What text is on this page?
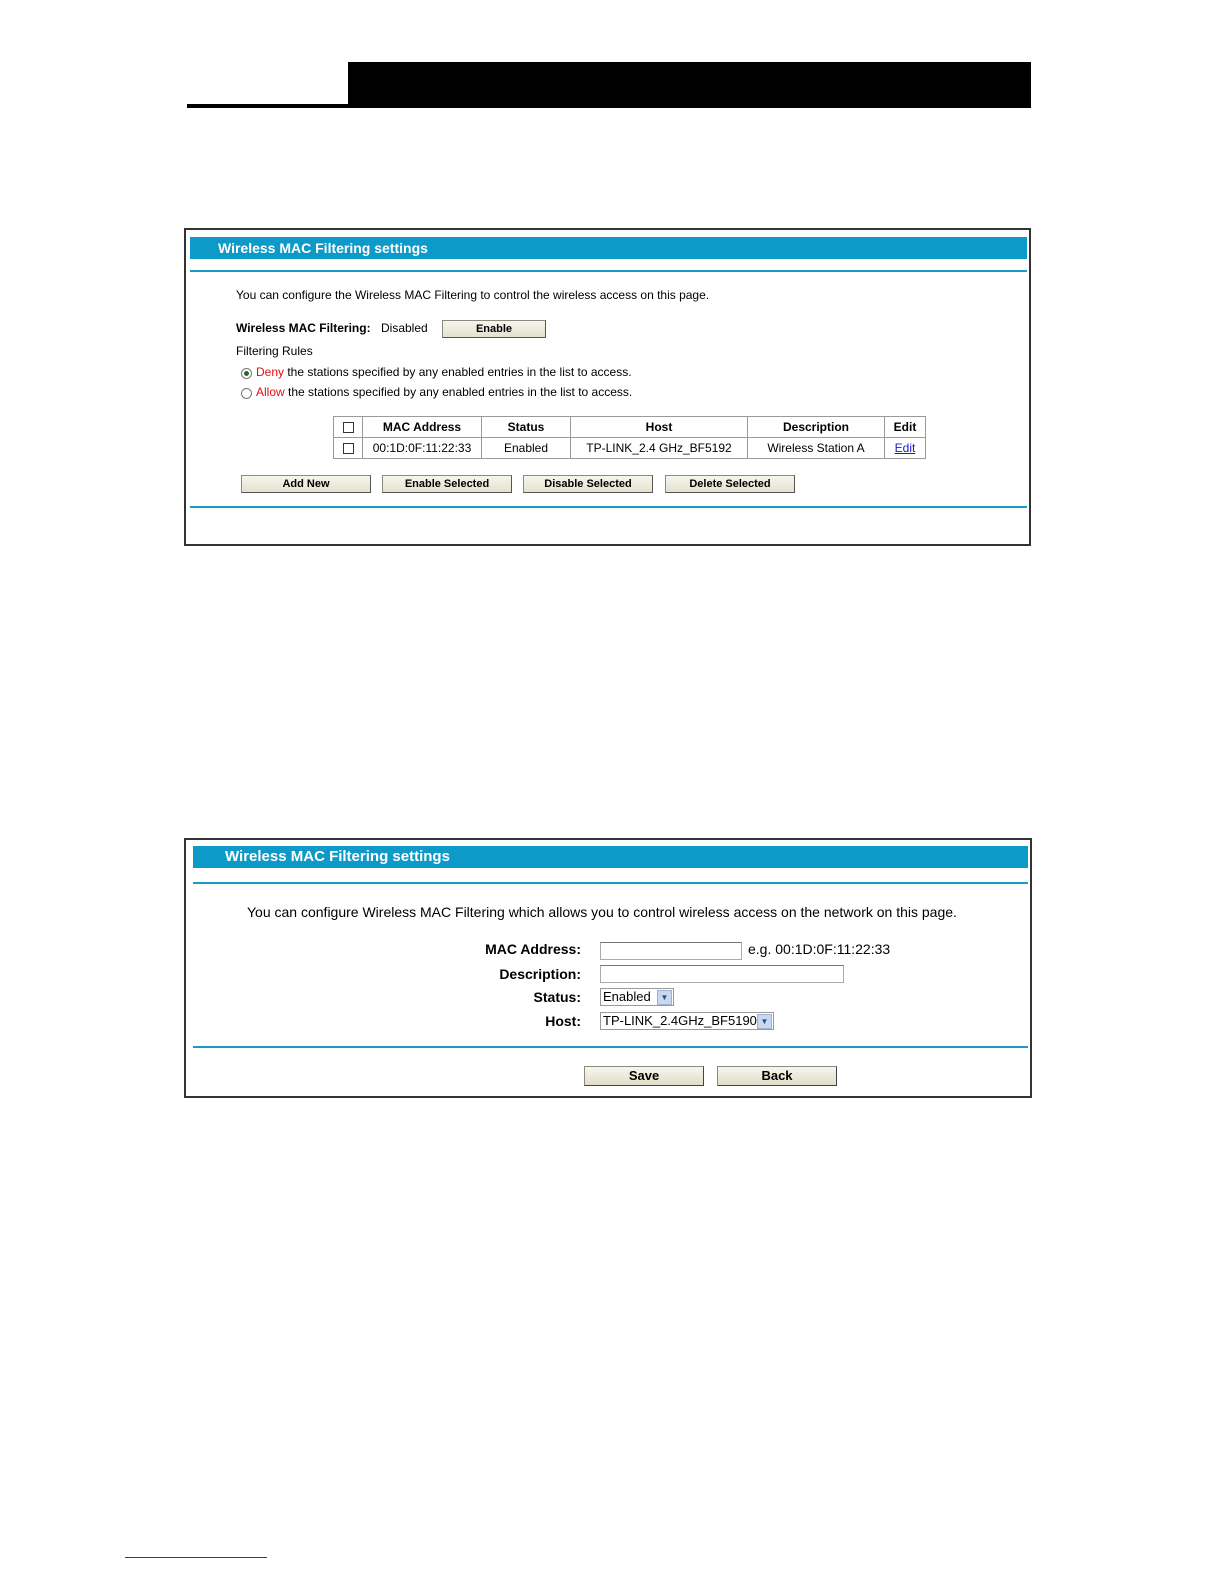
Wireless MAC Filtering settings
You can configure the Wireless MAC Filtering to control the wireless access on this page.
Wireless MAC Filtering: Disabled	Enable
Filtering Rules
Deny the stations specified by any enabled entries in the list to access.
Allow the stations specified by any enabled entries in the list to access.
	MAC Address	Status	Host	Description	Edit
	00:1D:0F:11:22:33	Enabled	TP-LINK_2.4 GHz_BF5192	Wireless Station A	Edit
Add New	Enable Selected	Disable Selected	Delete Selected
Wireless MAC Filtering settings
You can configure Wireless MAC Filtering which allows you to control wireless access on the network on this page.
MAC Address:	e.g. 00:1D:0F:11:22:33
Description:
Status: Enabled	▼
Host: TP-LINK_2.4GHz_BF5190 ▼
Save	Back
